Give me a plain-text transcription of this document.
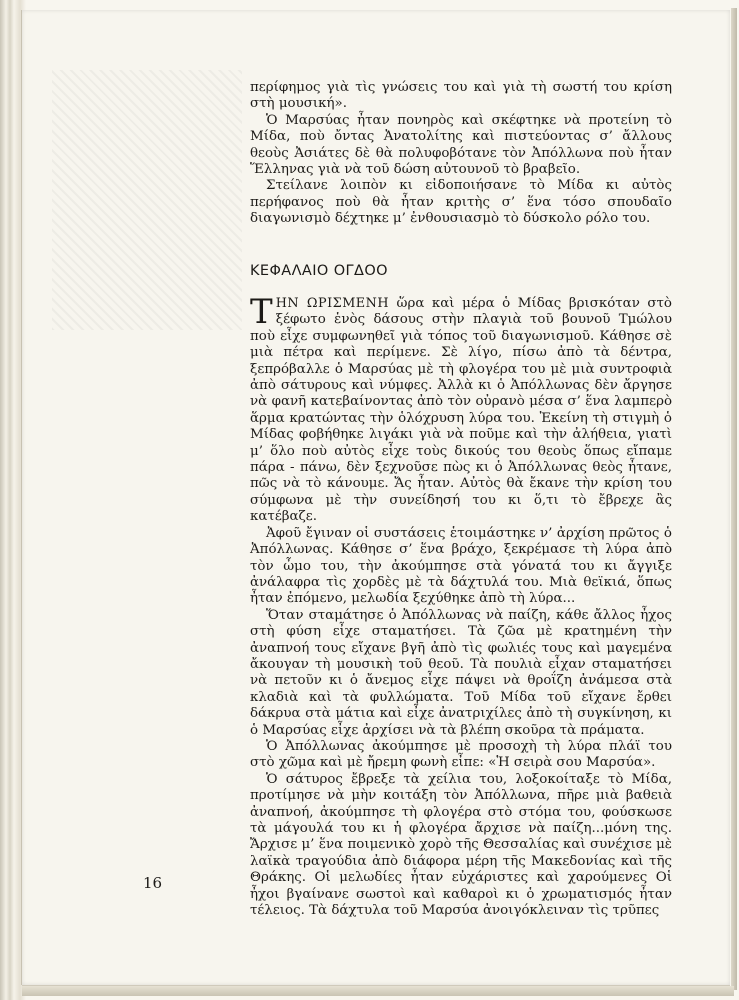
περίφημος γιὰ τὶς γνώσεις του καὶ γιὰ τὴ σωστή του κρίση στὴ μουσική».

Ὁ Μαρσύας ἦταν πονηρὸς καὶ σκέφτηκε νὰ προτείνη τὸ Μίδα, ποὺ ὄντας Ἀνατολίτης καὶ πιστεύοντας σ’ ἄλλους θεοὺς Ἀσιάτες δὲ θὰ πολυφοβότανε τὸν Ἀπόλλωνα ποὺ ἦταν Ἕλληνας γιὰ νὰ τοῦ δώση αὐτουνοῦ τὸ βραβεῖο.

Στείλανε λοιπὸν κι εἰδοποιήσανε τὸ Μίδα κι αὐτὸς περήφανος ποὺ θὰ ἦταν κριτὴς σ’ ἕνα τόσο σπουδαῖο διαγωνισμὸ δέχτηκε μ’ ἐνθουσιασμὸ τὸ δύσκολο ρόλο του.

ΚΕΦΑΛΑΙΟ ΟΓΔΟΟ

ΤΗΝ ΩΡΙΣΜΕΝΗ ὥρα καὶ μέρα ὁ Μίδας βρισκόταν στὸ ξέφωτο ἑνὸς δάσους στὴν πλαγιὰ τοῦ βουνοῦ Τμώλου ποὺ εἶχε συμφωνηθεῖ γιὰ τόπος τοῦ διαγωνισμοῦ. Κάθησε σὲ μιὰ πέτρα καὶ περίμενε. Σὲ λίγο, πίσω ἀπὸ τὰ δέντρα, ξεπρόβαλλε ὁ Μαρσύας μὲ τὴ φλογέρα του μὲ μιὰ συντροφιὰ ἀπὸ σάτυρους καὶ νύμφες. Ἀλλὰ κι ὁ Ἀπόλλωνας δὲν ἄργησε νὰ φανῆ κατεβαίνοντας ἀπὸ τὸν οὐρανὸ μέσα σ’ ἕνα λαμπερὸ ἅρμα κρατώντας τὴν ὁλόχρυση λύρα του. Ἐκείνη τὴ στιγμὴ ὁ Μίδας φοβήθηκε λιγάκι γιὰ νὰ ποῦμε καὶ τὴν ἀλήθεια, γιατὶ μ’ ὅλο ποὺ αὐτὸς εἶχε τοὺς δικούς του θεοὺς ὅπως εἴπαμε πάρα - πάνω, δὲν ξεχνοῦσε πὼς κι ὁ Ἀπόλλωνας θεὸς ἦτανε, πῶς νὰ τὸ κάνουμε. Ἄς ἦταν. Αὐτὸς θὰ ἔκανε τὴν κρίση του σύμφωνα μὲ τὴν συνείδησή του κι ὅ,τι τὸ ἔβρεχε ἂς κατέβαζε.

Ἀφοῦ ἔγιναν οἱ συστάσεις ἑτοιμάστηκε ν’ ἀρχίση πρῶτος ὁ Ἀπόλλωνας. Κάθησε σ’ ἕνα βράχο, ξεκρέμασε τὴ λύρα ἀπὸ τὸν ὦμο του, τὴν ἀκούμπησε στὰ γόνατά του κι ἄγγιξε ἀνάλαφρα τὶς χορδὲς μὲ τὰ δάχτυλά του. Μιὰ θεϊκιά, ὅπως ἦταν ἐπόμενο, μελωδία ξεχύθηκε ἀπὸ τὴ λύρα...

Ὅταν σταμάτησε ὁ Ἀπόλλωνας νὰ παίζη, κάθε ἄλλος ἦχος στὴ φύση εἶχε σταματήσει. Τὰ ζῶα μὲ κρατημένη τὴν ἀναπνοή τους εἴχανε βγῆ ἀπὸ τὶς φωλιές τους καὶ μαγεμένα ἄκουγαν τὴ μουσικὴ τοῦ θεοῦ. Τὰ πουλιὰ εἶχαν σταματήσει νὰ πετοῦν κι ὁ ἄνεμος εἶχε πάψει νὰ θροΐζη ἀνάμεσα στὰ κλαδιὰ καὶ τὰ φυλλώματα. Τοῦ Μίδα τοῦ εἴχανε ἔρθει δάκρυα στὰ μάτια καὶ εἶχε ἀνατριχίλες ἀπὸ τὴ συγκίνηση, κι ὁ Μαρσύας εἶχε ἀρχίσει νὰ τὰ βλέπη σκοῦρα τὰ πράματα.

Ὁ Ἀπόλλωνας ἀκούμπησε μὲ προσοχὴ τὴ λύρα πλάϊ του στὸ χῶμα καὶ μὲ ἤρεμη φωνὴ εἶπε: «Ἡ σειρὰ σου Μαρσύα».

Ὁ σάτυρος ἔβρεξε τὰ χείλια του, λοξοκοίταξε τὸ Μίδα, προτίμησε νὰ μὴν κοιτάξη τὸν Ἀπόλλωνα, πῆρε μιὰ βαθειὰ ἀναπνοή, ἀκούμπησε τὴ φλογέρα στὸ στόμα του, φούσκωσε τὰ μάγουλά του κι ἡ φλογέρα ἄρχισε νὰ παίζη...μόνη της. Ἄρχισε μ’ ἕνα ποιμενικὸ χορὸ τῆς Θεσσαλίας καὶ συνέχισε μὲ λαϊκὰ τραγούδια ἀπὸ διάφορα μέρη τῆς Μακεδονίας καὶ τῆς Θράκης. Οἱ μελωδίες ἦταν εὐχάριστες καὶ χαρούμενες Οἱ ἦχοι βγαίνανε σωστοὶ καὶ καθαροὶ κι ὁ χρωματισμός ἦταν τέλειος. Τὰ δάχτυλα τοῦ Μαρσύα ἀνοιγόκλειναν τὶς τρῦπες

16
